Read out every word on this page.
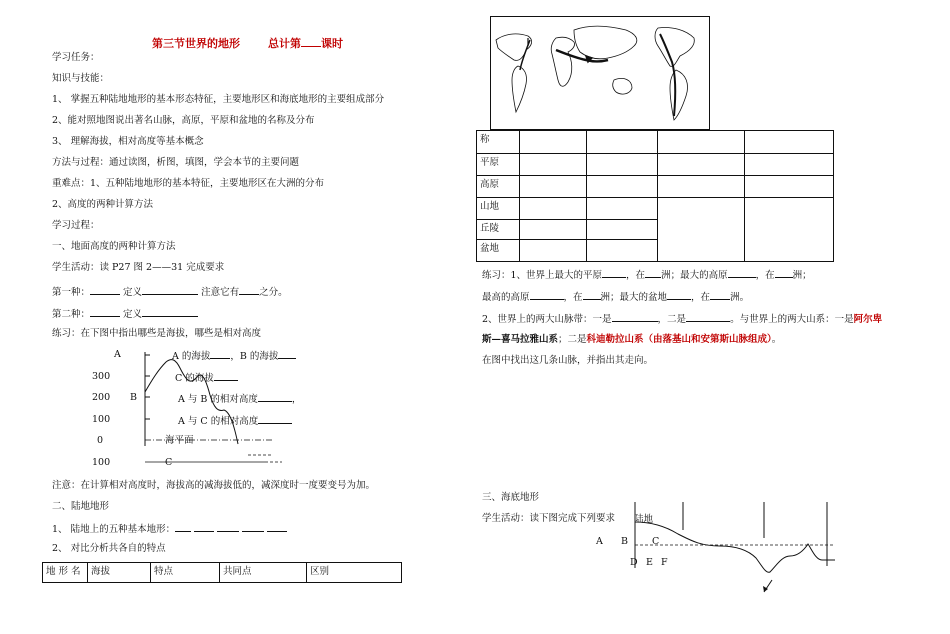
第三节世界的地形	总计第 课时
学习任务：
知识与技能：
1、 掌握五种陆地地形的基本形态特征，主要地形区和海底地形的主要组成部分
2、能对照地图说出著名山脉，高原，平原和盆地的名称及分布
3、 理解海拔，相对高度等基本概念
方法与过程：通过读图，析图，填图，学会本节的主要问题
重难点：1、五种陆地地形的基本特征，主要地形区在大洲的分布
2、高度的两种计算方法
学习过程：
一、地面高度的两种计算方法
学生活动：读 P27 图 2——31 完成要求
第一种：	定义	注意它有 之分。
第二种：	定义
练习：在下图中指出哪些是海拔，哪些是相对高度
A
300
200 B
100
0
100
海平面
C
A 的海拔 ，B 的海拔
C 的海拔
A 与 B 的相对高度	，
A 与 C 的相对高度
注意：在计算相对高度时，海拔高的减海拔低的，减深度时一度要变号为加。
二、陆地地形
1、 陆地上的五种基本地形：
2、 对比分析共各自的特点
地 形 名	海拔	特点	共同点	区别
称				
平原				
高原				
山地				
丘陵				
盆地				
练习：1、世界上最大的平原	，在 洲；最大的高原	，在 洲；
最高的高原	，在 洲；最大的盆地	，在 洲。
2、世界上的两大山脉带：一是	，二是	。与世界上的两大山系：一是阿尔卑
斯—喜马拉雅山系；二是科迪勒拉山系（由落基山和安第斯山脉组成）。
在图中找出这几条山脉，并指出其走向。
三、海底地形
学生活动：读下图完成下列要求 陆地
A B	C
D E F
